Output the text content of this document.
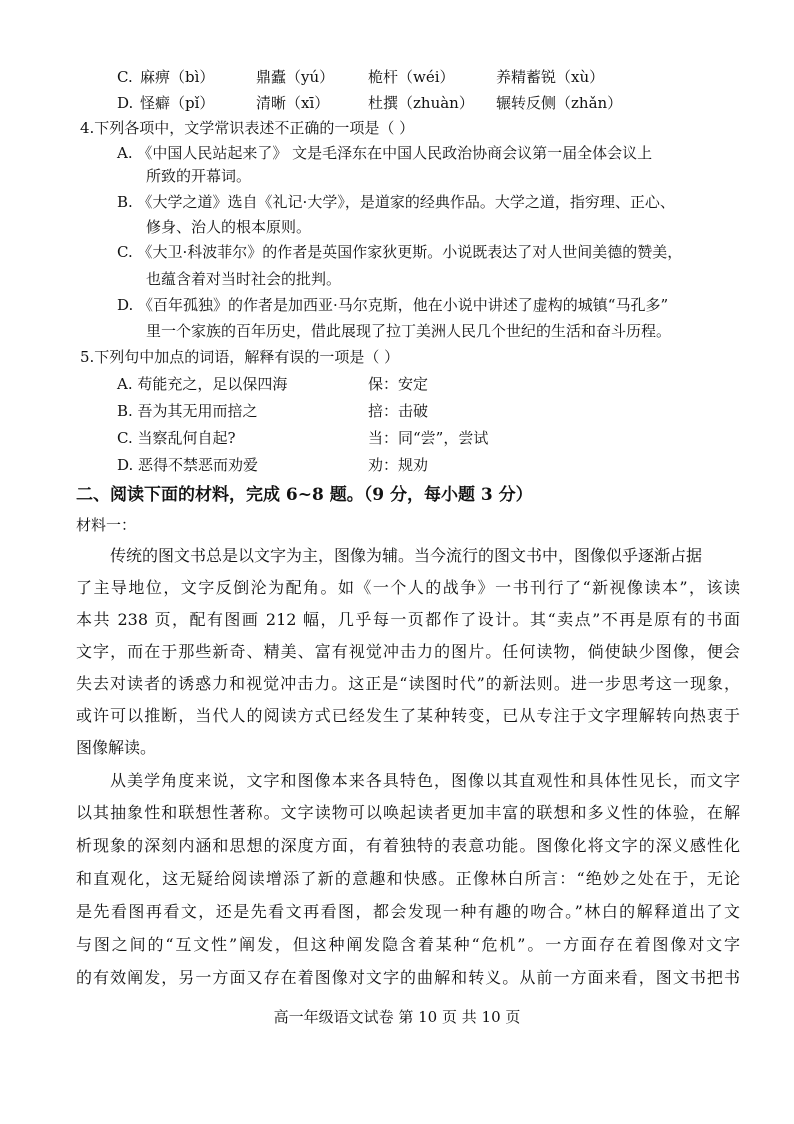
C. 麻痹（bì）	鼎蠹（yú） 桅杆（wéi）	养精蓄锐（xù）
D. 怪癖（pǐ）	清晰（xī）	杜撰（zhuàn） 辗转反侧（zhǎn）
4.下列各项中，文学常识表述不正确的一项是（ ）
A. 《中国人民站起来了》 文是毛泽东在中国人民政治协商会议第一届全体会议上
所致的开幕词。
B. 《大学之道》选自《礼记·大学》，是道家的经典作品。大学之道，指穷理、正心、
修身、治人的根本原则。
C. 《大卫·科波菲尔》的作者是英国作家狄更斯。小说既表达了对人世间美德的赞美，
也蕴含着对当时社会的批判。
D. 《百年孤独》的作者是加西亚·马尔克斯，他在小说中讲述了虚构的城镇“马孔多”
里一个家族的百年历史，借此展现了拉丁美洲人民几个世纪的生活和奋斗历程。
5.下列句中加点的词语，解释有误的一项是（ ）
A. 苟能充之，足以保四海	保：安定
B. 吾为其无用而掊之	掊：击破
C. 当察乱何自起?	当：同“尝”，尝试
D. 恶得不禁恶而劝爱	劝：规劝
二、阅读下面的材料，完成 6~8 题。（9 分，每小题 3 分）
材料一：
传统的图文书总是以文字为主，图像为辅。当今流行的图文书中，图像似乎逐渐占据
了主导地位，文字反倒沦为配角。如《一个人的战争》一书刊行了“新视像读本”，该读
本共 238 页，配有图画 212 幅，几乎每一页都作了设计。其“卖点”不再是原有的书面
文字，而在于那些新奇、精美、富有视觉冲击力的图片。任何读物，倘使缺少图像，便会
失去对读者的诱惑力和视觉冲击力。这正是“读图时代”的新法则。进一步思考这一现象，
或许可以推断，当代人的阅读方式已经发生了某种转变，已从专注于文字理解转向热衷于
图像解读。
从美学角度来说，文字和图像本来各具特色，图像以其直观性和具体性见长，而文字
以其抽象性和联想性著称。文字读物可以唤起读者更加丰富的联想和多义性的体验，在解
析现象的深刻内涵和思想的深度方面，有着独特的表意功能。图像化将文字的深义感性化
和直观化，这无疑给阅读增添了新的意趣和快感。正像林白所言：“绝妙之处在于，无论
是先看图再看文，还是先看文再看图，都会发现一种有趣的吻合。”林白的解释道出了文
与图之间的“互文性”阐发，但这种阐发隐含着某种“危机”。一方面存在着图像对文字
的有效阐发，另一方面又存在着图像对文字的曲解和转义。从前一方面来看，图文书把书
高一年级语文试卷 第 10 页 共 10 页
